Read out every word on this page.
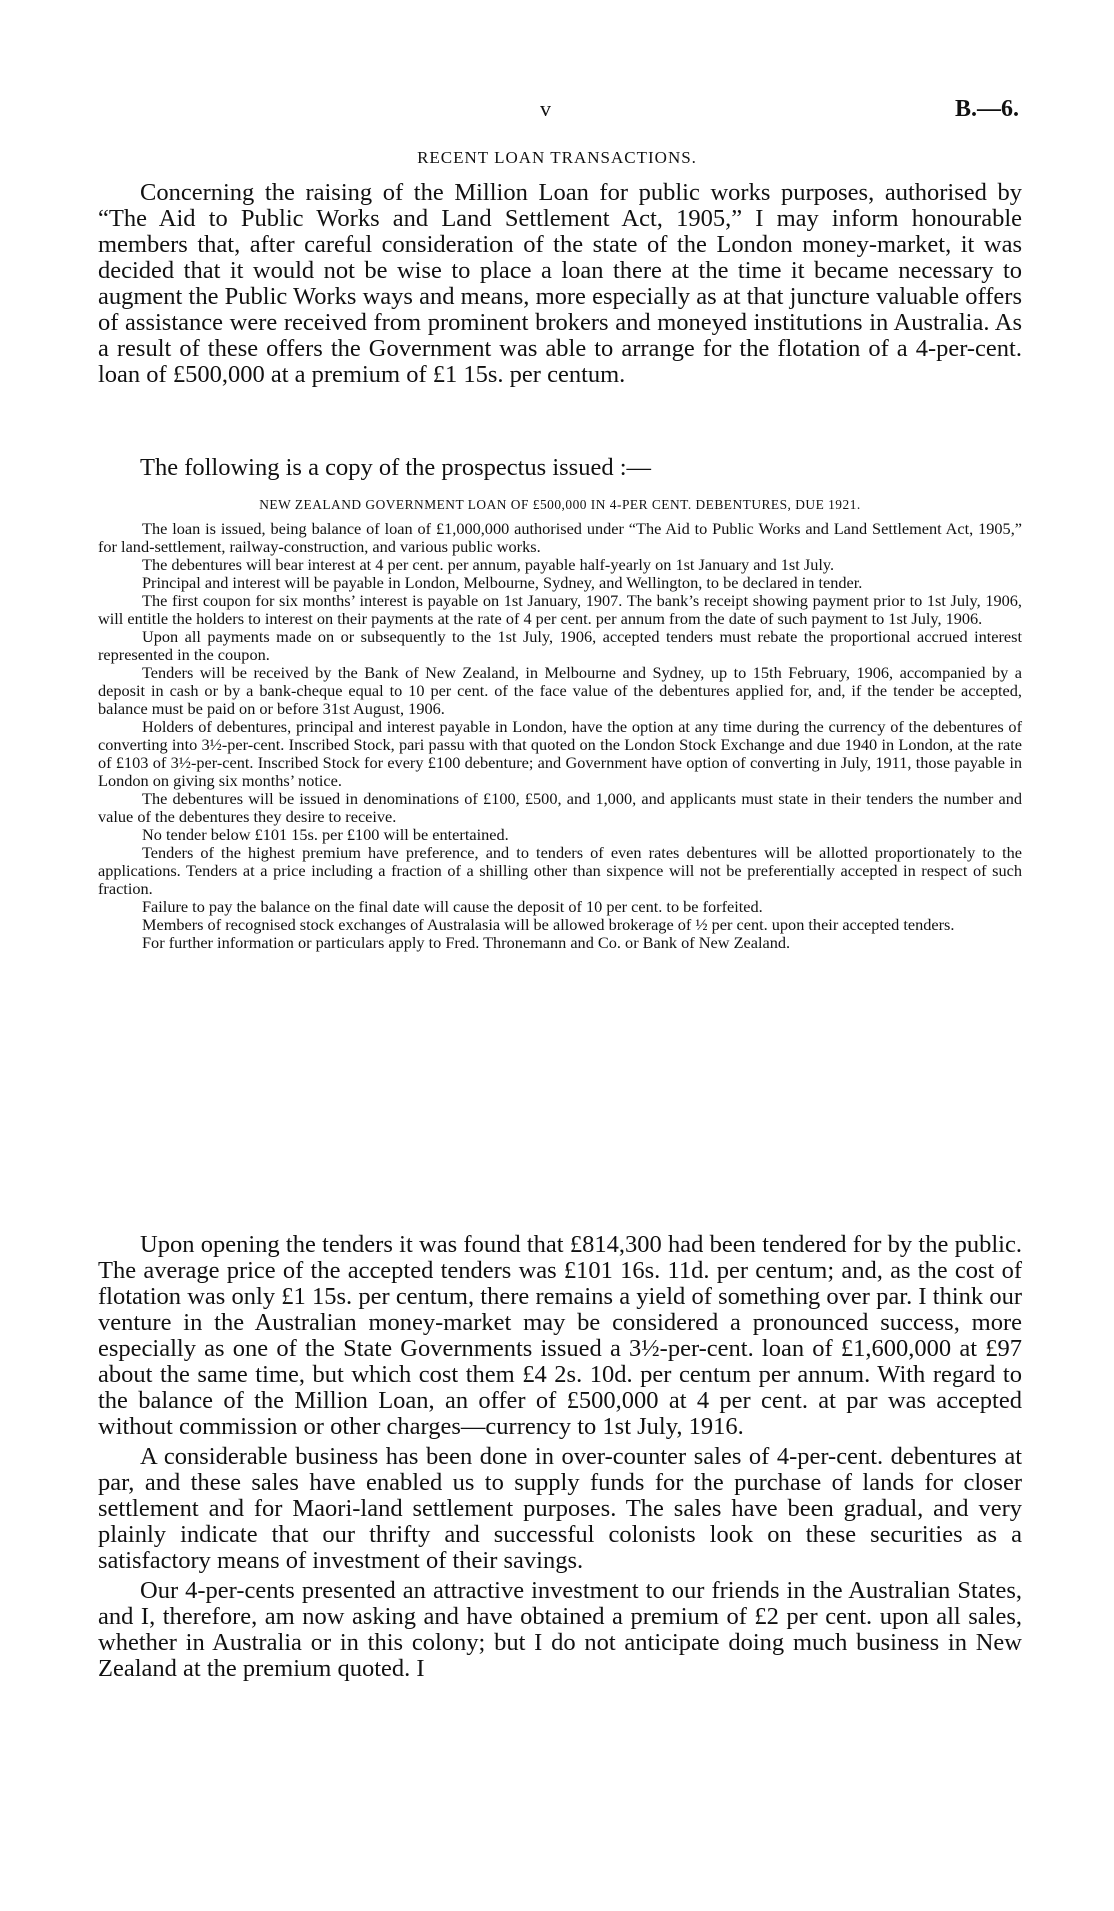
v	B.—6.
RECENT LOAN TRANSACTIONS.

Concerning the raising of the Million Loan for public works purposes, authorised by “The Aid to Public Works and Land Settlement Act, 1905,” I may inform honourable members that, after careful consideration of the state of the London money-market, it was decided that it would not be wise to place a loan there at the time it became necessary to augment the Public Works ways and means, more especially as at that juncture valuable offers of assistance were received from prominent brokers and moneyed institutions in Australia. As a result of these offers the Government was able to arrange for the flotation of a 4-per-cent. loan of £500,000 at a premium of £1 15s. per centum.

The following is a copy of the prospectus issued :—

NEW ZEALAND GOVERNMENT LOAN OF £500,000 IN 4-PER CENT. DEBENTURES, DUE 1921.

The loan is issued, being balance of loan of £1,000,000 authorised under “The Aid to Public Works and Land Settlement Act, 1905,” for land-settlement, railway-construction, and various public works.

The debentures will bear interest at 4 per cent. per annum, payable half-yearly on 1st January and 1st July.

Principal and interest will be payable in London, Melbourne, Sydney, and Wellington, to be declared in tender.

The first coupon for six months’ interest is payable on 1st January, 1907. The bank’s receipt showing payment prior to 1st July, 1906, will entitle the holders to interest on their payments at the rate of 4 per cent. per annum from the date of such payment to 1st July, 1906.

Upon all payments made on or subsequently to the 1st July, 1906, accepted tenders must rebate the proportional accrued interest represented in the coupon.

Tenders will be received by the Bank of New Zealand, in Melbourne and Sydney, up to 15th February, 1906, accompanied by a deposit in cash or by a bank-cheque equal to 10 per cent. of the face value of the debentures applied for, and, if the tender be accepted, balance must be paid on or before 31st August, 1906.

Holders of debentures, principal and interest payable in London, have the option at any time during the currency of the debentures of converting into 3½-per-cent. Inscribed Stock, pari passu with that quoted on the London Stock Exchange and due 1940 in London, at the rate of £103 of 3½-per-cent. Inscribed Stock for every £100 debenture; and Government have option of converting in July, 1911, those payable in London on giving six months’ notice.

The debentures will be issued in denominations of £100, £500, and 1,000, and applicants must state in their tenders the number and value of the debentures they desire to receive.

No tender below £101 15s. per £100 will be entertained.

Tenders of the highest premium have preference, and to tenders of even rates debentures will be allotted proportionately to the applications. Tenders at a price including a fraction of a shilling other than sixpence will not be preferentially accepted in respect of such fraction.

Failure to pay the balance on the final date will cause the deposit of 10 per cent. to be forfeited.

Members of recognised stock exchanges of Australasia will be allowed brokerage of ½ per cent. upon their accepted tenders.

For further information or particulars apply to Fred. Thronemann and Co. or Bank of New Zealand.

Upon opening the tenders it was found that £814,300 had been tendered for by the public. The average price of the accepted tenders was £101 16s. 11d. per centum; and, as the cost of flotation was only £1 15s. per centum, there remains a yield of something over par. I think our venture in the Australian money-market may be considered a pronounced success, more especially as one of the State Governments issued a 3½-per-cent. loan of £1,600,000 at £97 about the same time, but which cost them £4 2s. 10d. per centum per annum. With regard to the balance of the Million Loan, an offer of £500,000 at 4 per cent. at par was accepted without commission or other charges—currency to 1st July, 1916.

A considerable business has been done in over-counter sales of 4-per-cent. debentures at par, and these sales have enabled us to supply funds for the purchase of lands for closer settlement and for Maori-land settlement purposes. The sales have been gradual, and very plainly indicate that our thrifty and successful colonists look on these securities as a satisfactory means of investment of their savings.

Our 4-per-cents presented an attractive investment to our friends in the Australian States, and I, therefore, am now asking and have obtained a premium of £2 per cent. upon all sales, whether in Australia or in this colony; but I do not anticipate doing much business in New Zealand at the premium quoted. I
